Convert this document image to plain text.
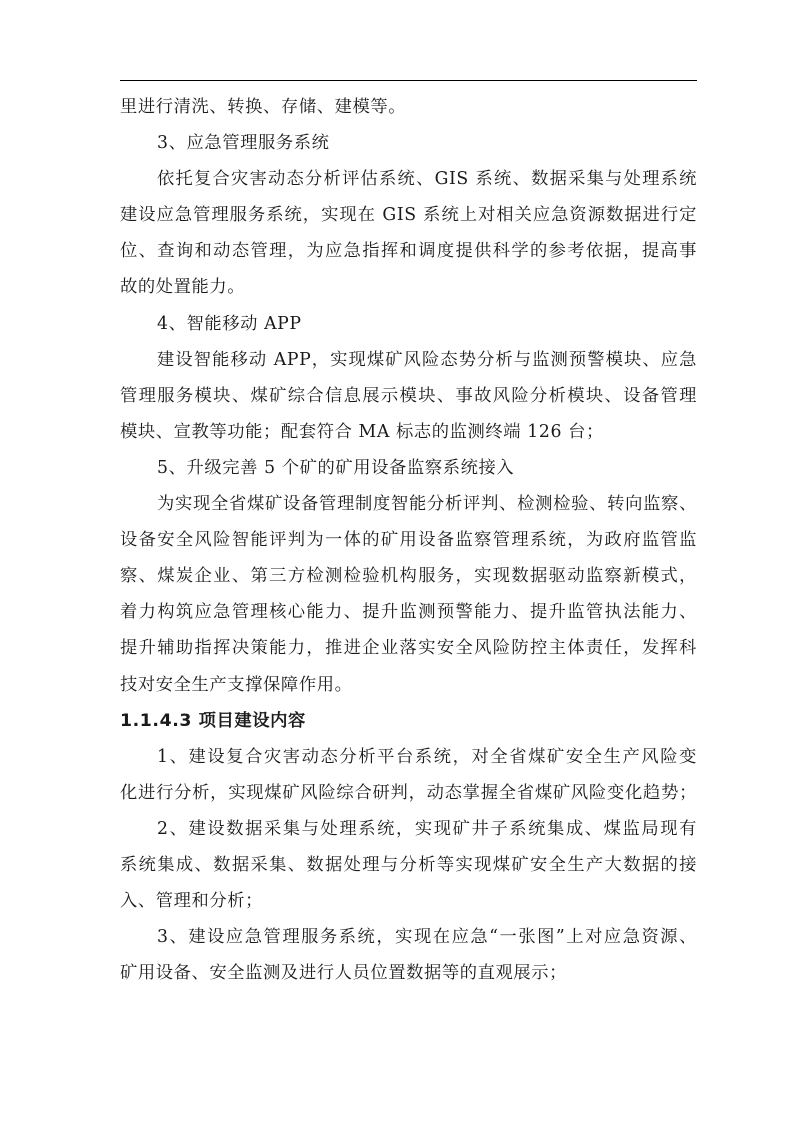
里进行清洗、转换、存储、建模等。
3、应急管理服务系统
依托复合灾害动态分析评估系统、GIS 系统、数据采集与处理系统
建设应急管理服务系统，实现在 GIS 系统上对相关应急资源数据进行定
位、查询和动态管理，为应急指挥和调度提供科学的参考依据，提高事
故的处置能力。
4、智能移动 APP
建设智能移动 APP，实现煤矿风险态势分析与监测预警模块、应急
管理服务模块、煤矿综合信息展示模块、事故风险分析模块、设备管理
模块、宣教等功能；配套符合 MA 标志的监测终端 126 台；
5、升级完善 5 个矿的矿用设备监察系统接入
为实现全省煤矿设备管理制度智能分析评判、检测检验、转向监察、
设备安全风险智能评判为一体的矿用设备监察管理系统，为政府监管监
察、煤炭企业、第三方检测检验机构服务，实现数据驱动监察新模式，
着力构筑应急管理核心能力、提升监测预警能力、提升监管执法能力、
提升辅助指挥决策能力，推进企业落实安全风险防控主体责任，发挥科
技对安全生产支撑保障作用。
1.1.4.3 项目建设内容
1、建设复合灾害动态分析平台系统，对全省煤矿安全生产风险变
化进行分析，实现煤矿风险综合研判，动态掌握全省煤矿风险变化趋势；
2、建设数据采集与处理系统，实现矿井子系统集成、煤监局现有
系统集成、数据采集、数据处理与分析等实现煤矿安全生产大数据的接
入、管理和分析；
3、建设应急管理服务系统，实现在应急“一张图”上对应急资源、
矿用设备、安全监测及进行人员位置数据等的直观展示；
